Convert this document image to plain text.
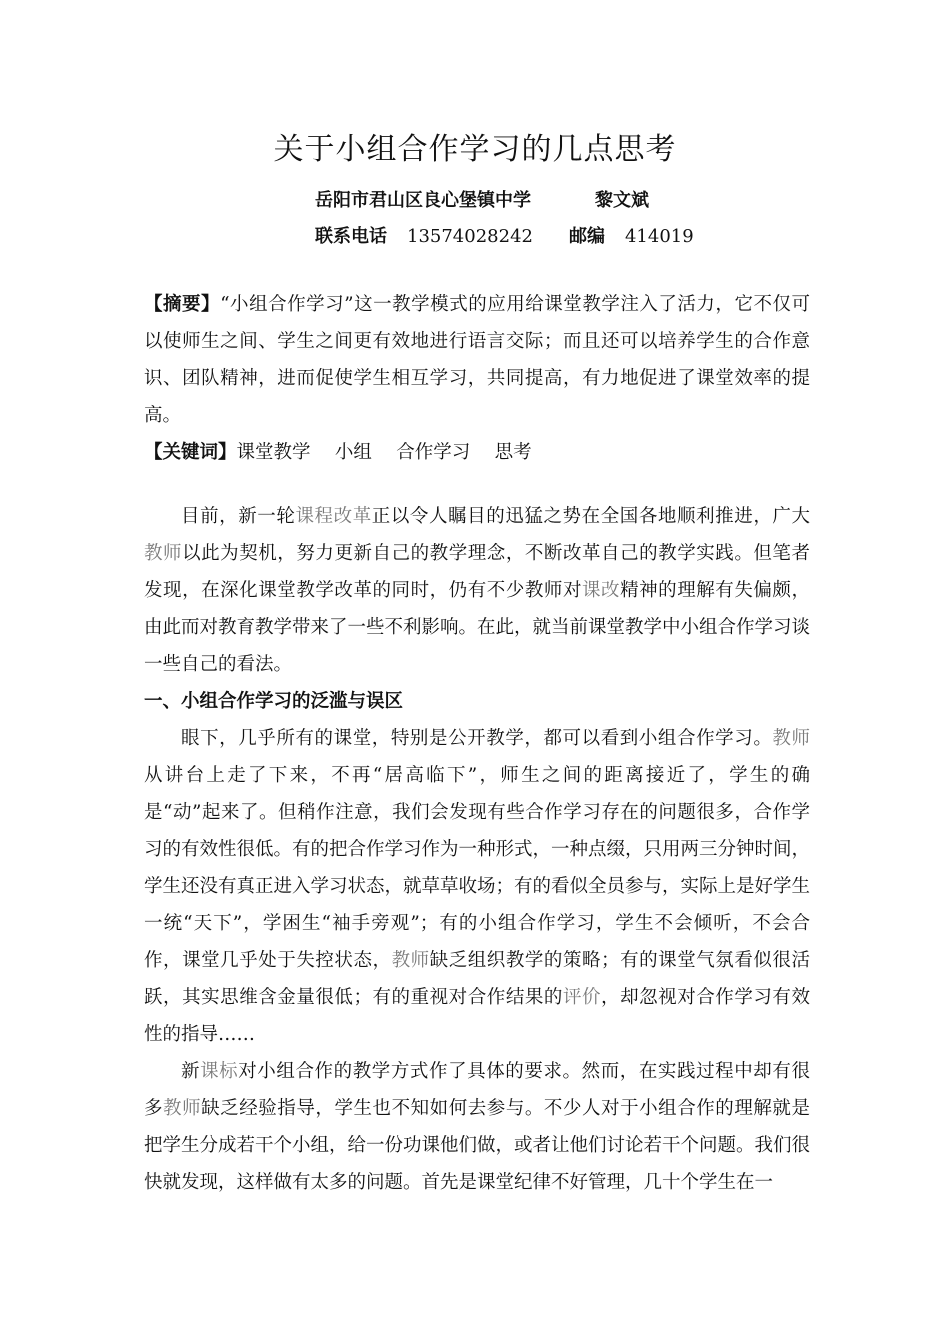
关于小组合作学习的几点思考
岳阳市君山区良心堡镇中学	黎文斌
联系电话 13574028242 邮编 414019

【摘要】“小组合作学习”这一教学模式的应用给课堂教学注入了活力，它不仅可以使师生之间、学生之间更有效地进行语言交际；而且还可以培养学生的合作意识、团队精神，进而促使学生相互学习，共同提高，有力地促进了课堂效率的提高。

【关键词】课堂教学　 小组　 合作学习　 思考

目前，新一轮课程改革正以令人瞩目的迅猛之势在全国各地顺利推进，广大教师以此为契机，努力更新自己的教学理念，不断改革自己的教学实践。但笔者发现，在深化课堂教学改革的同时，仍有不少教师对课改精神的理解有失偏颇，由此而对教育教学带来了一些不利影响。在此，就当前课堂教学中小组合作学习谈一些自己的看法。

一、小组合作学习的泛滥与误区

眼下，几乎所有的课堂，特别是公开教学，都可以看到小组合作学习。教师从讲台上走了下来，不再“居高临下”，师生之间的距离接近了，学生的确是“动”起来了。但稍作注意，我们会发现有些合作学习存在的问题很多，合作学习的有效性很低。有的把合作学习作为一种形式，一种点缀，只用两三分钟时间，学生还没有真正进入学习状态，就草草收场；有的看似全员参与，实际上是好学生一统“天下”，学困生“袖手旁观”；有的小组合作学习，学生不会倾听，不会合作，课堂几乎处于失控状态，教师缺乏组织教学的策略；有的课堂气氛看似很活跃，其实思维含金量很低；有的重视对合作结果的评价，却忽视对合作学习有效性的指导……

新课标对小组合作的教学方式作了具体的要求。然而，在实践过程中却有很多教师缺乏经验指导，学生也不知如何去参与。不少人对于小组合作的理解就是把学生分成若干个小组，给一份功课他们做，或者让他们讨论若干个问题。我们很快就发现，这样做有太多的问题。首先是课堂纪律不好管理，几十个学生在一
